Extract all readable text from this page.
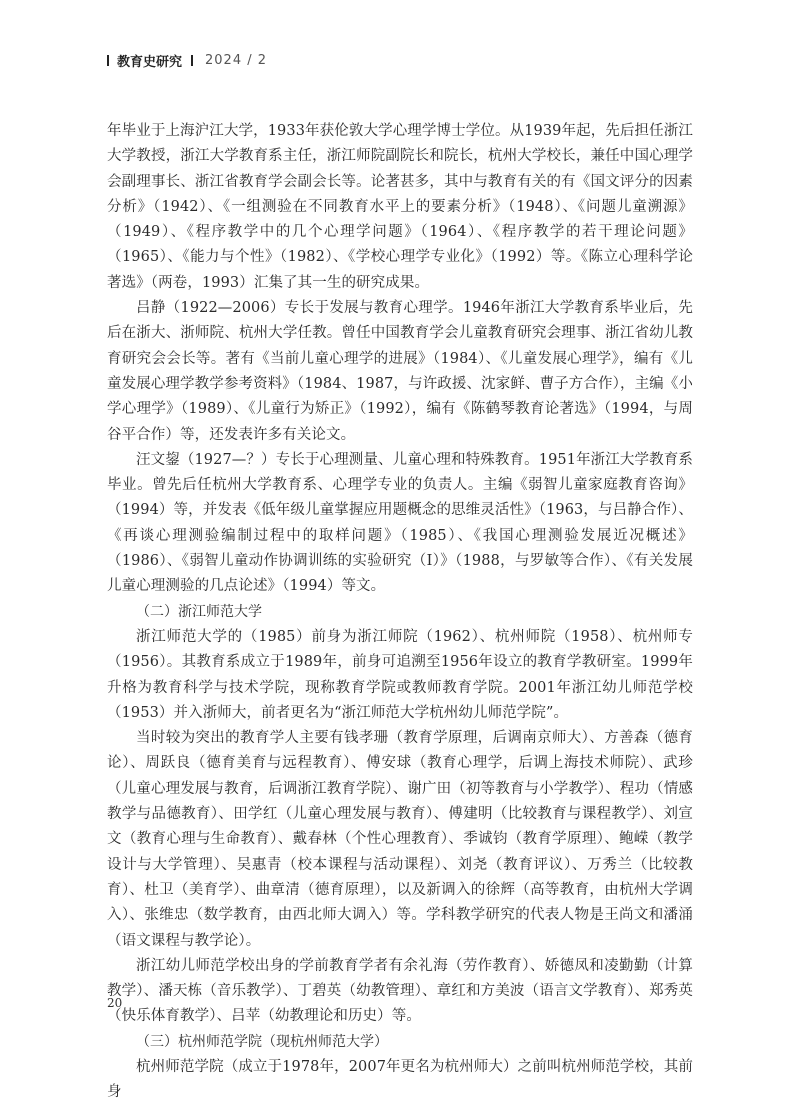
教育史研究 2024 / 2

年毕业于上海沪江大学，1933年获伦敦大学心理学博士学位。从1939年起，先后担任浙江大学教授，浙江大学教育系主任，浙江师院副院长和院长，杭州大学校长，兼任中国心理学会副理事长、浙江省教育学会副会长等。论著甚多，其中与教育有关的有《国文评分的因素分析》（1942）、《一组测验在不同教育水平上的要素分析》（1948）、《问题儿童溯源》（1949）、《程序教学中的几个心理学问题》（1964）、《程序教学的若干理论问题》（1965）、《能力与个性》（1982）、《学校心理学专业化》（1992）等。《陈立心理科学论著选》（两卷，1993）汇集了其一生的研究成果。

吕静（1922—2006）专长于发展与教育心理学。1946年浙江大学教育系毕业后，先后在浙大、浙师院、杭州大学任教。曾任中国教育学会儿童教育研究会理事、浙江省幼儿教育研究会会长等。著有《当前儿童心理学的进展》（1984）、《儿童发展心理学》，编有《儿童发展心理学教学参考资料》（1984、1987，与许政援、沈家鲜、曹子方合作），主编《小学心理学》（1989）、《儿童行为矫正》（1992），编有《陈鹤琴教育论著选》（1994，与周谷平合作）等，还发表许多有关论文。

汪文鋆（1927—？）专长于心理测量、儿童心理和特殊教育。1951年浙江大学教育系毕业。曾先后任杭州大学教育系、心理学专业的负责人。主编《弱智儿童家庭教育咨询》（1994）等，并发表《低年级儿童掌握应用题概念的思维灵活性》（1963，与吕静合作）、《再谈心理测验编制过程中的取样问题》（1985）、《我国心理测验发展近况概述》（1986）、《弱智儿童动作协调训练的实验研究（Ⅰ）》（1988，与罗敏等合作）、《有关发展儿童心理测验的几点论述》（1994）等文。

（二）浙江师范大学

浙江师范大学的（1985）前身为浙江师院（1962）、杭州师院（1958）、杭州师专（1956）。其教育系成立于1989年，前身可追溯至1956年设立的教育学教研室。1999年升格为教育科学与技术学院，现称教育学院或教师教育学院。2001年浙江幼儿师范学校（1953）并入浙师大，前者更名为“浙江师范大学杭州幼儿师范学院”。

当时较为突出的教育学人主要有钱孝珊（教育学原理，后调南京师大）、方善森（德育论）、周跃良（德育美育与远程教育）、傅安球（教育心理学，后调上海技术师院）、武珍（儿童心理发展与教育，后调浙江教育学院）、谢广田（初等教育与小学教学）、程功（情感教学与品德教育）、田学红（儿童心理发展与教育）、傅建明（比较教育与课程教学）、刘宣文（教育心理与生命教育）、戴春林（个性心理教育）、季诚钧（教育学原理）、鲍嵘（教学设计与大学管理）、吴惠青（校本课程与活动课程）、刘尧（教育评议）、万秀兰（比较教育）、杜卫（美育学）、曲章清（德育原理），以及新调入的徐辉（高等教育，由杭州大学调入）、张维忠（数学教育，由西北师大调入）等。学科教学研究的代表人物是王尚文和潘涌（语文课程与教学论）。

浙江幼儿师范学校出身的学前教育学者有余礼海（劳作教育）、娇德凤和凌勤勤（计算教学）、潘天栋（音乐教学）、丁碧英（幼教管理）、章红和方美波（语言文学教育）、郑秀英（快乐体育教学）、吕苹（幼教理论和历史）等。

（三）杭州师范学院（现杭州师范大学）

杭州师范学院（成立于1978年，2007年更名为杭州师大）之前叫杭州师范学校，其前身

20
